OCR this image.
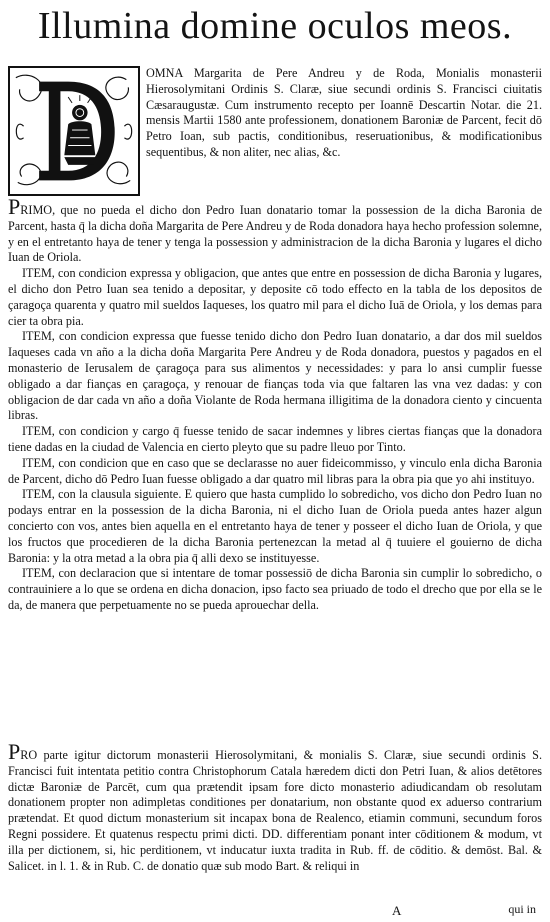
Illumina domine oculos meos.

OMNA Margarita de Pere Andreu y de Roda, Monialis monasterii Hierosolymitani Ordinis S. Claræ, siue secundi ordinis S. Francisci ciuitatis Cæsaraugustæ. Cum instrumento recepto per Ioannē Descartin Notar. die 21. mensis Martii 1580 ante professionem, donationem Baroniæ de Parcent, fecit dō Petro Ioan, sub pactis, conditionibus, reseruationibus, & modificationibus sequentibus, & non aliter, nec alias, &c.

PRIMO, que no pueda el dicho don Pedro Iuan donatario tomar la possession de la dicha Baronia de Parcent, hasta q̄ la dicha doña Margarita de Pere Andreu y de Roda donadora haya hecho profession solemne, y en el entretanto haya de tener y tenga la possession y administracion de la dicha Baronia y lugares el dicho Iuan de Oriola.

ITEM, con condicion expressa y obligacion, que antes que entre en possession de dicha Baronia y lugares, el dicho don Petro Iuan sea tenido a depositar, y deposite cō todo effecto en la tabla de los depositos de çaragoça quarenta y quatro mil sueldos Iaqueses, los quatro mil para el dicho Iuā de Oriola, y los demas para cier ta obra pia.

ITEM, con condicion expressa que fuesse tenido dicho don Pedro Iuan donatario, a dar dos mil sueldos Iaqueses cada vn año a la dicha doña Margarita Pere Andreu y de Roda donadora, puestos y pagados en el monasterio de Ierusalem de çaragoça para sus alimentos y necessidades: y para lo ansi cumplir fuesse obligado a dar fianças en çaragoça, y renouar de fianças toda via que faltaren las vna vez dadas: y con obligacion de dar cada vn año a doña Violante de Roda hermana illigitima de la donadora ciento y cincuenta libras.

ITEM, con condicion y cargo q̄ fuesse tenido de sacar indemnes y libres ciertas fianças que la donadora tiene dadas en la ciudad de Valencia en cierto pleyto que su padre lleuo por Tinto.

ITEM, con condicion que en caso que se declarasse no auer fideicommisso, y vinculo enla dicha Baronia de Parcent, dicho dō Pedro Iuan fuesse obligado a dar quatro mil libras para la obra pia que yo ahi instituyo.

ITEM, con la clausula siguiente. E quiero que hasta cumplido lo sobredicho, vos dicho don Pedro Iuan no podays entrar en la possession de la dicha Baronia, ni el dicho Iuan de Oriola pueda antes hazer algun concierto con vos, antes bien aquella en el entretanto haya de tener y posseer el dicho Iuan de Oriola, y que los fructos que procedieren de la dicha Baronia pertenezcan la metad al q̄ tuuiere el gouierno de dicha Baronia: y la otra metad a la obra pia q̄ alli dexo se instituyesse.

ITEM, con declaracion que si intentare de tomar possessiō de dicha Baronia sin cumplir lo sobredicho, o contrauiniere a lo que se ordena en dicha donacion, ipso facto sea priuado de todo el drecho que por ella se le da, de manera que perpetuamente no se pueda aprouechar della.

PRO parte igitur dictorum monasterii Hierosolymitani, & monialis S. Claræ, siue secundi ordinis S. Francisci fuit intentata petitio contra Christophorum Catala hæredem dicti don Petri Iuan, & alios detētores dictæ Baroniæ de Parcēt, cum qua prætendit ipsam fore dicto monasterio adiudicandam ob resolutam donationem propter non adimpletas conditiones per donatarium, non obstante quod ex aduerso contrarium prætendat. Et quod dictum monasterium sit incapax bona de Realenco, etiamin communi, secundum foros Regni possidere. Et quatenus respectu primi dicti. DD. differentiam ponant inter cōditionem & modum, vt illa per dictionem, si, hic perditionem, vt inducatur iuxta tradita in Rub. ff. de cōditio. & demōst. Bal. & Salicet. in l. 1. & in Rub. C. de donatio quæ sub modo Bart. & reliqui in

A	qui in
